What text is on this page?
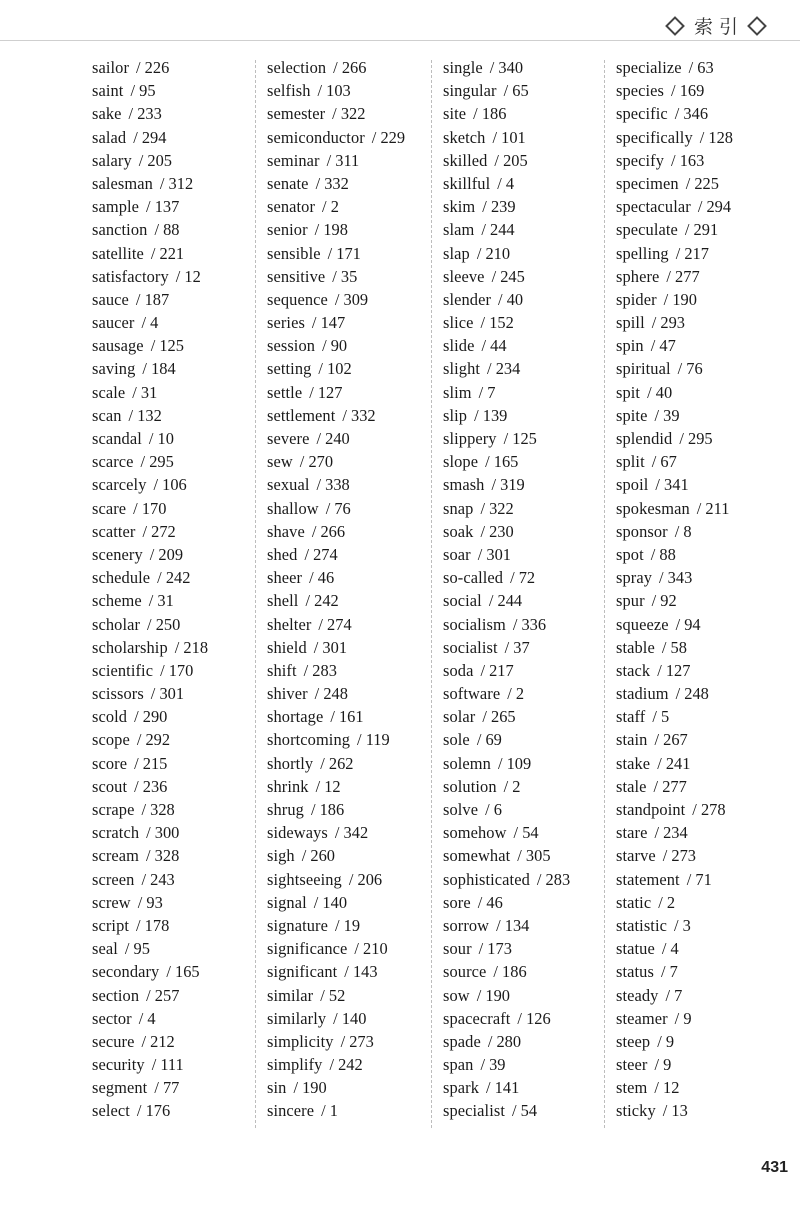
索 引
sailor / 226
saint / 95
sake / 233
salad / 294
salary / 205
salesman / 312
sample / 137
sanction / 88
satellite / 221
satisfactory / 12
sauce / 187
saucer / 4
sausage / 125
saving / 184
scale / 31
scan / 132
scandal / 10
scarce / 295
scarcely / 106
scare / 170
scatter / 272
scenery / 209
schedule / 242
scheme / 31
scholar / 250
scholarship / 218
scientific / 170
scissors / 301
scold / 290
scope / 292
score / 215
scout / 236
scrape / 328
scratch / 300
scream / 328
screen / 243
screw / 93
script / 178
seal / 95
secondary / 165
section / 257
sector / 4
secure / 212
security / 111
segment / 77
select / 176
selection / 266
selfish / 103
semester / 322
semiconductor / 229
seminar / 311
senate / 332
senator / 2
senior / 198
sensible / 171
sensitive / 35
sequence / 309
series / 147
session / 90
setting / 102
settle / 127
settlement / 332
severe / 240
sew / 270
sexual / 338
shallow / 76
shave / 266
shed / 274
sheer / 46
shell / 242
shelter / 274
shield / 301
shift / 283
shiver / 248
shortage / 161
shortcoming / 119
shortly / 262
shrink / 12
shrug / 186
sideways / 342
sigh / 260
sightseeing / 206
signal / 140
signature / 19
significance / 210
significant / 143
similar / 52
similarly / 140
simplicity / 273
simplify / 242
sin / 190
sincere / 1
single / 340
singular / 65
site / 186
sketch / 101
skilled / 205
skillful / 4
skim / 239
slam / 244
slap / 210
sleeve / 245
slender / 40
slice / 152
slide / 44
slight / 234
slim / 7
slip / 139
slippery / 125
slope / 165
smash / 319
snap / 322
soak / 230
soar / 301
so-called / 72
social / 244
socialism / 336
socialist / 37
soda / 217
software / 2
solar / 265
sole / 69
solemn / 109
solution / 2
solve / 6
somehow / 54
somewhat / 305
sophisticated / 283
sore / 46
sorrow / 134
sour / 173
source / 186
sow / 190
spacecraft / 126
spade / 280
span / 39
spark / 141
specialist / 54
specialize / 63
species / 169
specific / 346
specifically / 128
specify / 163
specimen / 225
spectacular / 294
speculate / 291
spelling / 217
sphere / 277
spider / 190
spill / 293
spin / 47
spiritual / 76
spit / 40
spite / 39
splendid / 295
split / 67
spoil / 341
spokesman / 211
sponsor / 8
spot / 88
spray / 343
spur / 92
squeeze / 94
stable / 58
stack / 127
stadium / 248
staff / 5
stain / 267
stake / 241
stale / 277
standpoint / 278
stare / 234
starve / 273
statement / 71
static / 2
statistic / 3
statue / 4
status / 7
steady / 7
steamer / 9
steep / 9
steer / 9
stem / 12
sticky / 13
431
